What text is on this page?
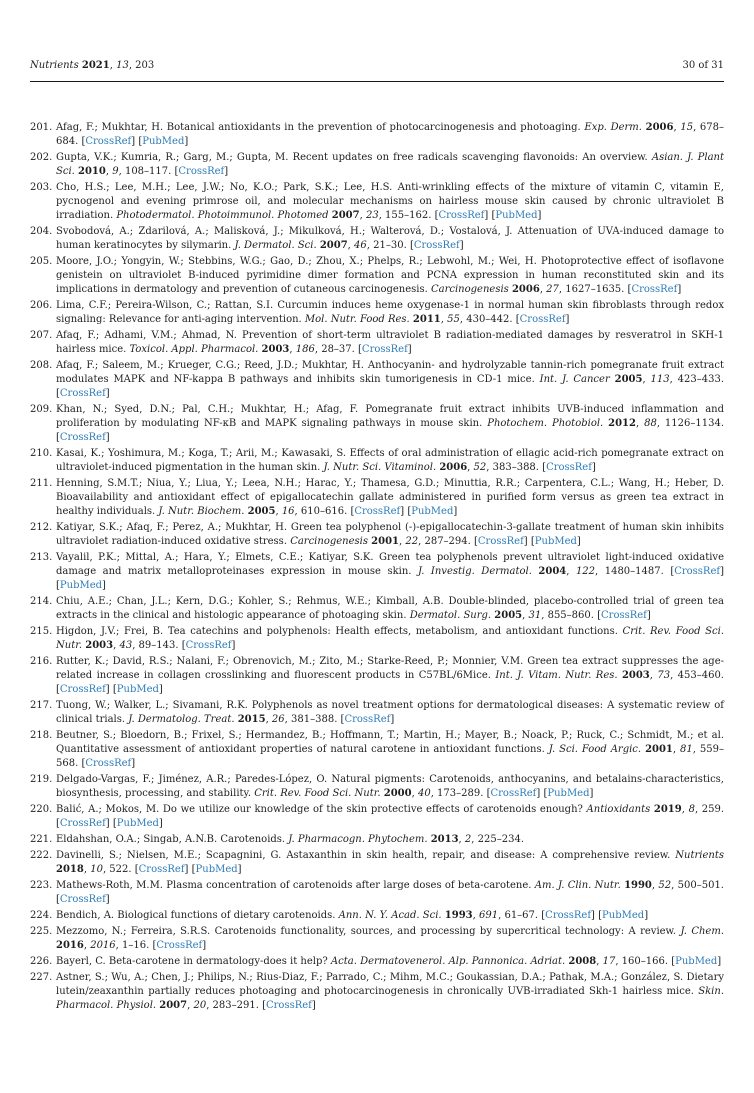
Nutrients 2021, 13, 203	30 of 31
201. Afag, F.; Mukhtar, H. Botanical antioxidants in the prevention of photocarcinogenesis and photoaging. Exp. Derm. 2006, 15, 678–684. [CrossRef] [PubMed]
202. Gupta, V.K.; Kumria, R.; Garg, M.; Gupta, M. Recent updates on free radicals scavenging flavonoids: An overview. Asian. J. Plant Sci. 2010, 9, 108–117. [CrossRef]
203. Cho, H.S.; Lee, M.H.; Lee, J.W.; No, K.O.; Park, S.K.; Lee, H.S. Anti-wrinkling effects of the mixture of vitamin C, vitamin E, pycnogenol and evening primrose oil, and molecular mechanisms on hairless mouse skin caused by chronic ultraviolet B irradiation. Photodermatol. Photoimmunol. Photomed 2007, 23, 155–162. [CrossRef] [PubMed]
204. Svobodová, A.; Zdarilová, A.; Malisková, J.; Mikulková, H.; Walterová, D.; Vostalová, J. Attenuation of UVA-induced damage to human keratinocytes by silymarin. J. Dermatol. Sci. 2007, 46, 21–30. [CrossRef]
205. Moore, J.O.; Yongyin, W.; Stebbins, W.G.; Gao, D.; Zhou, X.; Phelps, R.; Lebwohl, M.; Wei, H. Photoprotective effect of isoflavone genistein on ultraviolet B-induced pyrimidine dimer formation and PCNA expression in human reconstituted skin and its implications in dermatology and prevention of cutaneous carcinogenesis. Carcinogenesis 2006, 27, 1627–1635. [CrossRef]
206. Lima, C.F.; Pereira-Wilson, C.; Rattan, S.I. Curcumin induces heme oxygenase-1 in normal human skin fibroblasts through redox signaling: Relevance for anti-aging intervention. Mol. Nutr. Food Res. 2011, 55, 430–442. [CrossRef]
207. Afaq, F.; Adhami, V.M.; Ahmad, N. Prevention of short-term ultraviolet B radiation-mediated damages by resveratrol in SKH-1 hairless mice. Toxicol. Appl. Pharmacol. 2003, 186, 28–37. [CrossRef]
208. Afaq, F.; Saleem, M.; Krueger, C.G.; Reed, J.D.; Mukhtar, H. Anthocyanin- and hydrolyzable tannin-rich pomegranate fruit extract modulates MAPK and NF-kappa B pathways and inhibits skin tumorigenesis in CD-1 mice. Int. J. Cancer 2005, 113, 423–433. [CrossRef]
209. Khan, N.; Syed, D.N.; Pal, C.H.; Mukhtar, H.; Afag, F. Pomegranate fruit extract inhibits UVB-induced inflammation and proliferation by modulating NF-κB and MAPK signaling pathways in mouse skin. Photochem. Photobiol. 2012, 88, 1126–1134. [CrossRef]
210. Kasai, K.; Yoshimura, M.; Koga, T.; Arii, M.; Kawasaki, S. Effects of oral administration of ellagic acid-rich pomegranate extract on ultraviolet-induced pigmentation in the human skin. J. Nutr. Sci. Vitaminol. 2006, 52, 383–388. [CrossRef]
211. Henning, S.M.T.; Niua, Y.; Liua, Y.; Leea, N.H.; Harac, Y.; Thamesa, G.D.; Minuttia, R.R.; Carpentera, C.L.; Wang, H.; Heber, D. Bioavailability and antioxidant effect of epigallocatechin gallate administered in purified form versus as green tea extract in healthy individuals. J. Nutr. Biochem. 2005, 16, 610–616. [CrossRef] [PubMed]
212. Katiyar, S.K.; Afaq, F.; Perez, A.; Mukhtar, H. Green tea polyphenol (-)-epigallocatechin-3-gallate treatment of human skin inhibits ultraviolet radiation-induced oxidative stress. Carcinogenesis 2001, 22, 287–294. [CrossRef] [PubMed]
213. Vayalil, P.K.; Mittal, A.; Hara, Y.; Elmets, C.E.; Katiyar, S.K. Green tea polyphenols prevent ultraviolet light-induced oxidative damage and matrix metalloproteinases expression in mouse skin. J. Investig. Dermatol. 2004, 122, 1480–1487. [CrossRef] [PubMed]
214. Chiu, A.E.; Chan, J.L.; Kern, D.G.; Kohler, S.; Rehmus, W.E.; Kimball, A.B. Double-blinded, placebo-controlled trial of green tea extracts in the clinical and histologic appearance of photoaging skin. Dermatol. Surg. 2005, 31, 855–860. [CrossRef]
215. Higdon, J.V.; Frei, B. Tea catechins and polyphenols: Health effects, metabolism, and antioxidant functions. Crit. Rev. Food Sci. Nutr. 2003, 43, 89–143. [CrossRef]
216. Rutter, K.; David, R.S.; Nalani, F.; Obrenovich, M.; Zito, M.; Starke-Reed, P.; Monnier, V.M. Green tea extract suppresses the age-related increase in collagen crosslinking and fluorescent products in C57BL/6Mice. Int. J. Vitam. Nutr. Res. 2003, 73, 453–460. [CrossRef] [PubMed]
217. Tuong, W.; Walker, L.; Sivamani, R.K. Polyphenols as novel treatment options for dermatological diseases: A systematic review of clinical trials. J. Dermatolog. Treat. 2015, 26, 381–388. [CrossRef]
218. Beutner, S.; Bloedorn, B.; Frixel, S.; Hermandez, B.; Hoffmann, T.; Martin, H.; Mayer, B.; Noack, P.; Ruck, C.; Schmidt, M.; et al. Quantitative assessment of antioxidant properties of natural carotene in antioxidant functions. J. Sci. Food Argic. 2001, 81, 559–568. [CrossRef]
219. Delgado-Vargas, F.; Jiménez, A.R.; Paredes-López, O. Natural pigments: Carotenoids, anthocyanins, and betalains-characteristics, biosynthesis, processing, and stability. Crit. Rev. Food Sci. Nutr. 2000, 40, 173–289. [CrossRef] [PubMed]
220. Balić, A.; Mokos, M. Do we utilize our knowledge of the skin protective effects of carotenoids enough? Antioxidants 2019, 8, 259. [CrossRef] [PubMed]
221. Eldahshan, O.A.; Singab, A.N.B. Carotenoids. J. Pharmacogn. Phytochem. 2013, 2, 225–234.
222. Davinelli, S.; Nielsen, M.E.; Scapagnini, G. Astaxanthin in skin health, repair, and disease: A comprehensive review. Nutrients 2018, 10, 522. [CrossRef] [PubMed]
223. Mathews-Roth, M.M. Plasma concentration of carotenoids after large doses of beta-carotene. Am. J. Clin. Nutr. 1990, 52, 500–501. [CrossRef]
224. Bendich, A. Biological functions of dietary carotenoids. Ann. N. Y. Acad. Sci. 1993, 691, 61–67. [CrossRef] [PubMed]
225. Mezzomo, N.; Ferreira, S.R.S. Carotenoids functionality, sources, and processing by supercritical technology: A review. J. Chem. 2016, 2016, 1–16. [CrossRef]
226. Bayerl, C. Beta-carotene in dermatology-does it help? Acta. Dermatovenerol. Alp. Pannonica. Adriat. 2008, 17, 160–166. [PubMed]
227. Astner, S.; Wu, A.; Chen, J.; Philips, N.; Rius-Diaz, F.; Parrado, C.; Mihm, M.C.; Goukassian, D.A.; Pathak, M.A.; González, S. Dietary lutein/zeaxanthin partially reduces photoaging and photocarcinogenesis in chronically UVB-irradiated Skh-1 hairless mice. Skin. Pharmacol. Physiol. 2007, 20, 283–291. [CrossRef]
